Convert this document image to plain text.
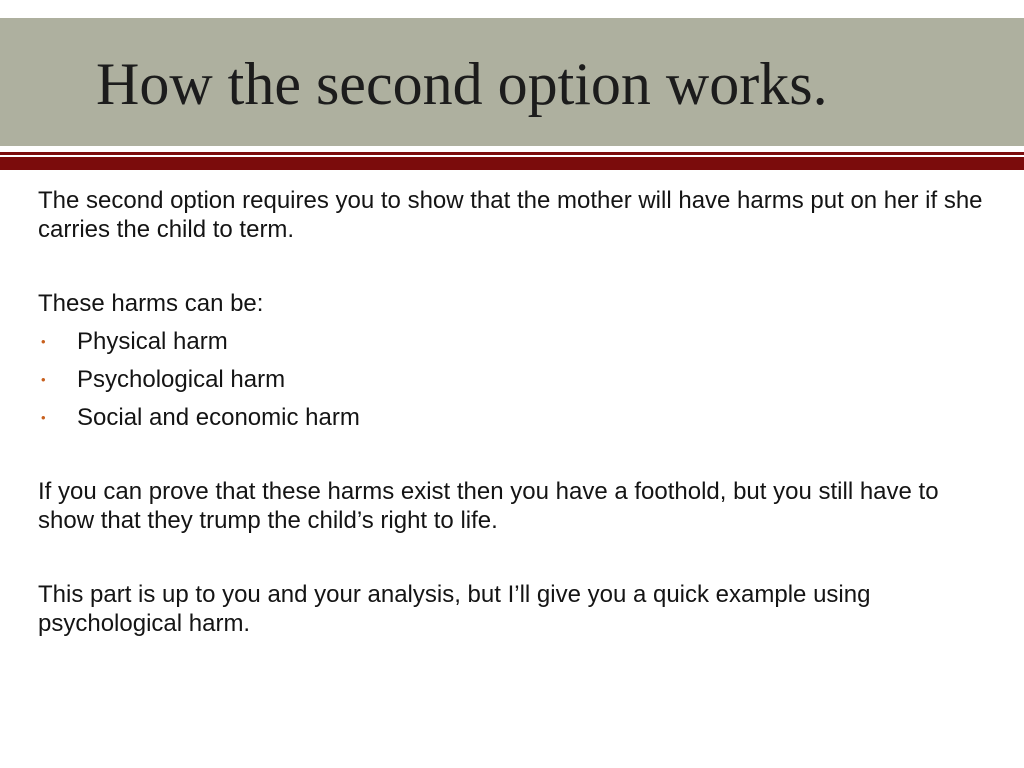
How the second option works.

The second option requires you to show that the mother will have harms put on her if she carries the child to term.

These harms can be:

• Physical harm
• Psychological harm
• Social and economic harm

If you can prove that these harms exist then you have a foothold, but you still have to show that they trump the child’s right to life.

This part is up to you and your analysis, but I’ll give you a quick example using psychological harm.
